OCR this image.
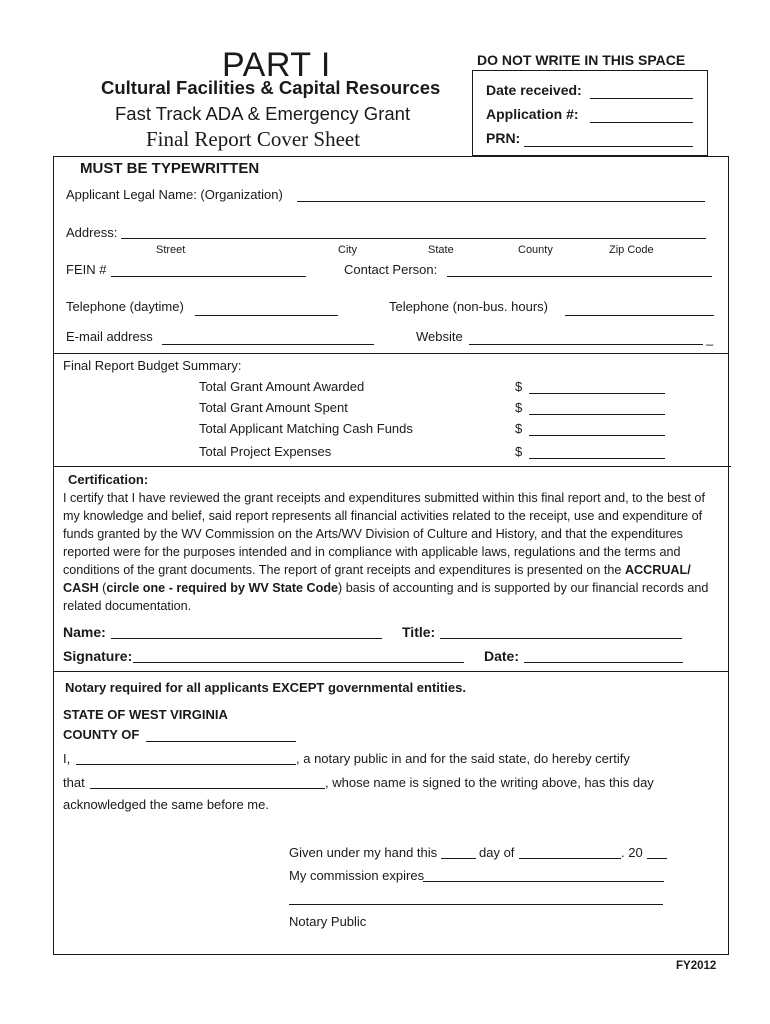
PART I
Cultural Facilities & Capital Resources
Fast Track ADA & Emergency Grant
Final Report Cover Sheet
DO NOT WRITE IN THIS SPACE
Date received:
Application #:
PRN:
MUST BE TYPEWRITTEN
Applicant Legal Name: (Organization)
Address:
Street	City	State	County	Zip Code
FEIN #	Contact Person:
Telephone (daytime)	Telephone (non-bus. hours)
E-mail address	Website	_
Final Report Budget Summary:
Total Grant Amount Awarded	$
Total Grant Amount Spent	$
Total Applicant Matching Cash Funds	$
Total Project Expenses	$
Certification:
I certify that I have reviewed the grant receipts and expenditures submitted within this final report and, to the best of my knowledge and belief, said report represents all financial activities related to the receipt, use and expenditure of funds granted by the WV Commission on the Arts/WV Division of Culture and History, and that the expenditures reported were for the purposes intended and in compliance with applicable laws, regulations and the terms and conditions of the grant documents. The report of grant receipts and expenditures is presented on the ACCRUAL/ CASH (circle one - required by WV State Code) basis of accounting and is supported by our financial records and related documentation.
Name:	Title:
Signature:	Date:
Notary required for all applicants EXCEPT governmental entities.
STATE OF WEST VIRGINIA
COUNTY OF
I,	, a notary public in and for the said state, do hereby certify
that	, whose name is signed to the writing above, has this day
acknowledged the same before me.
Given under my hand this	day of	. 20
My commission expires
Notary Public
FY2012
